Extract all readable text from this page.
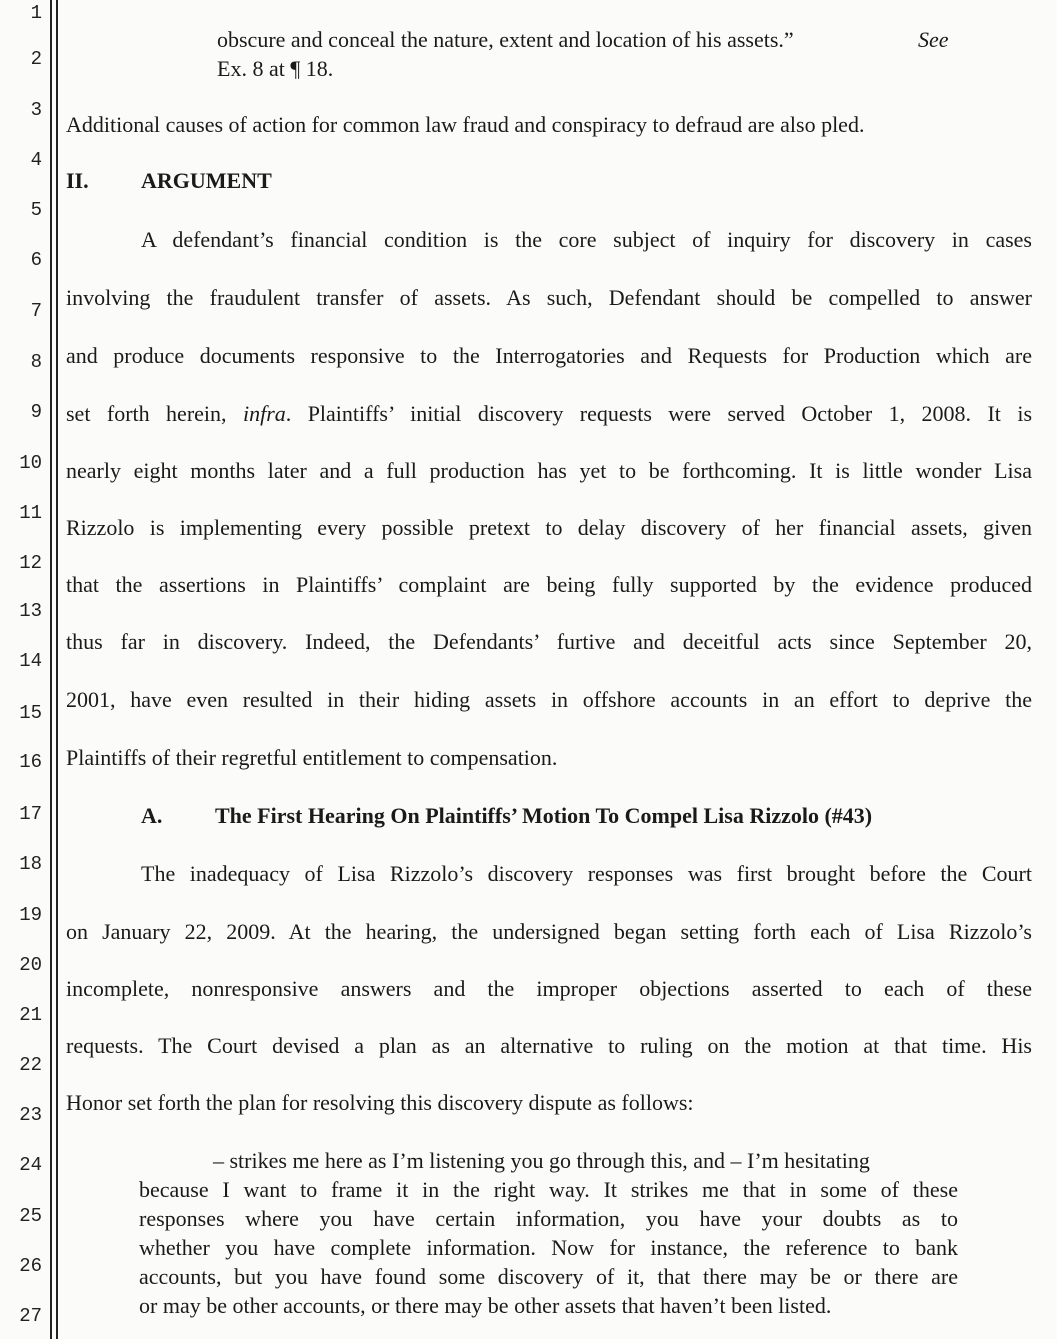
1
2
3
4
5
6
7
8
9
10
11
12
13
14
15
16
17
18
19
20
21
22
23
24
25
26
27
obscure and conceal the nature, extent and location of his assets.”	See
Ex. 8 at ¶ 18.
Additional causes of action for common law fraud and conspiracy to defraud are also pled.
II. ARGUMENT
A defendant’s financial condition is the core subject of inquiry for discovery in cases
involving the fraudulent transfer of assets. As such, Defendant should be compelled to answer
and produce documents responsive to the Interrogatories and Requests for Production which are
set forth herein, infra. Plaintiffs’ initial discovery requests were served October 1, 2008. It is
nearly eight months later and a full production has yet to be forthcoming. It is little wonder Lisa
Rizzolo is implementing every possible pretext to delay discovery of her financial assets, given
that the assertions in Plaintiffs’ complaint are being fully supported by the evidence produced
thus far in discovery. Indeed, the Defendants’ furtive and deceitful acts since September 20,
2001, have even resulted in their hiding assets in offshore accounts in an effort to deprive the
Plaintiffs of their regretful entitlement to compensation.
A. The First Hearing On Plaintiffs’ Motion To Compel Lisa Rizzolo (#43)
The inadequacy of Lisa Rizzolo’s discovery responses was first brought before the Court
on January 22, 2009. At the hearing, the undersigned began setting forth each of Lisa Rizzolo’s
incomplete, nonresponsive answers and the improper objections asserted to each of these
requests. The Court devised a plan as an alternative to ruling on the motion at that time. His
Honor set forth the plan for resolving this discovery dispute as follows:
– strikes me here as I’m listening you go through this, and – I’m hesitating
because I want to frame it in the right way. It strikes me that in some of these
responses where you have certain information, you have your doubts as to
whether you have complete information. Now for instance, the reference to bank
accounts, but you have found some discovery of it, that there may be or there are
or may be other accounts, or there may be other assets that haven’t been listed.
